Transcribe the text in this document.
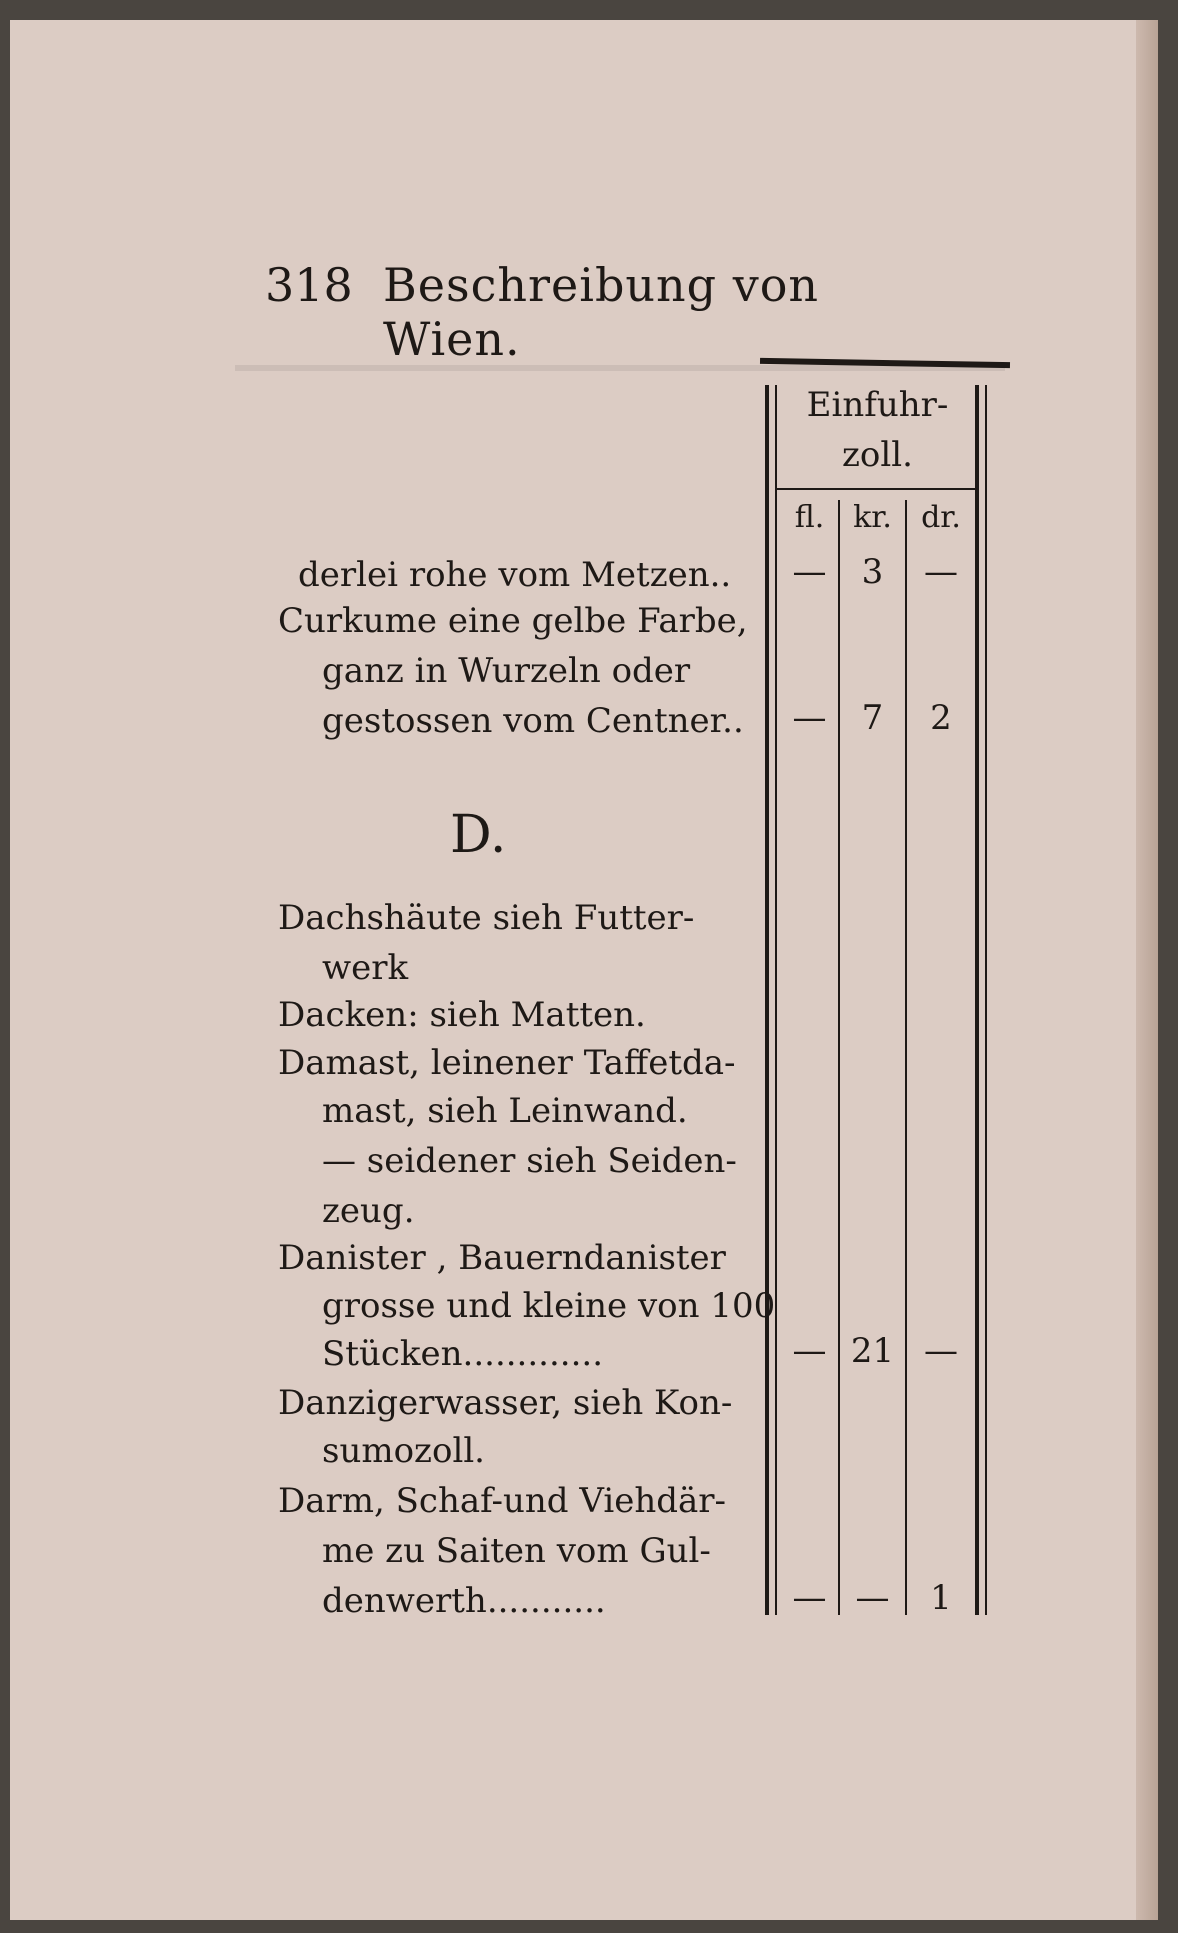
318 Beschreibung von Wien.
Einfuhr-
zoll.
fl. kr. dr.
derlei rohe vom Metzen..	—	3	—
Curkume eine gelbe Farbe,
ganz in Wurzeln oder
gestossen vom Centner..	—	7	2
D.
Dachshäute sieh Futter-
werk
Dacken: sieh Matten.
Damast, leinener Taffetda-
mast, sieh Leinwand.
— seidener sieh Seiden-
zeug.
Danister , Bauerndanister
grosse und kleine von 100
Stücken.............	— 21 —
Danzigerwasser, sieh Kon-
sumozoll.
Darm, Schaf-und Viehdär-
me zu Saiten vom Gul-
denwerth...........	— —	1
